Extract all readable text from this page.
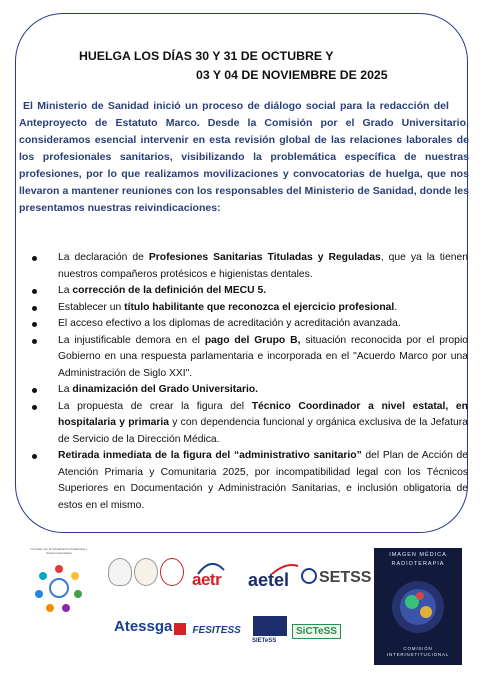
HUELGA LOS DÍAS 30 Y 31 DE OCTUBRE Y
03 Y 04 DE NOVIEMBRE DE 2025

El Ministerio de Sanidad inició un proceso de diálogo social para la redacción del      Anteproyecto de Estatuto Marco. Desde la Comisión por el Grado Universitario, consideramos esencial intervenir en esta revisión global de las relaciones laborales de los profesionales sanitarios, visibilizando la problemática específica de nuestras profesiones, por lo que realizamos movilizaciones y convocatorias de huelga, que nos llevaron a mantener reuniones con los responsables del Ministerio de Sanidad, donde les presentamos nuestras reivindicaciones:

La declaración de Profesiones Sanitarias Tituladas y Reguladas, que ya la tienen nuestros compañeros protésicos e higienistas dentales.
La corrección de la definición del MECU 5.
Establecer un título habilitante que reconozca el ejercicio profesional.
El acceso efectivo a los diplomas de acreditación y acreditación avanzada.
La injustificable demora en el pago del Grupo B, situación reconocida por el propio Gobierno en una respuesta parlamentaria e incorporada en el "Acuerdo Marco por una Administración de Siglo XXI".
La dinamización del Grado Universitario.
La propuesta de crear la figura del Técnico Coordinador a nivel estatal, en hospitalaria y primaria y con dependencia funcional y orgánica exclusiva de la Jefatura de Servicio de la Dirección Médica.
Retirada inmediata de la figura del “administrativo sanitario” del Plan de Acción de Atención Primaria y Comunitaria 2025, por incompatibilidad legal con los Técnicos Superiores en Documentación y Administración Sanitarias, e inclusión obligatoria de estos en el mismo.
Comisión por la Actualización Académica y Grado Universitario
aetr aetel	SETSS
Atessga	FESITESS
SIETeSS
SiCTeSS
IMAGEN MÉDICA
RADIOTERAPIA
COMISIÓN INTERINSTITUCIONAL
